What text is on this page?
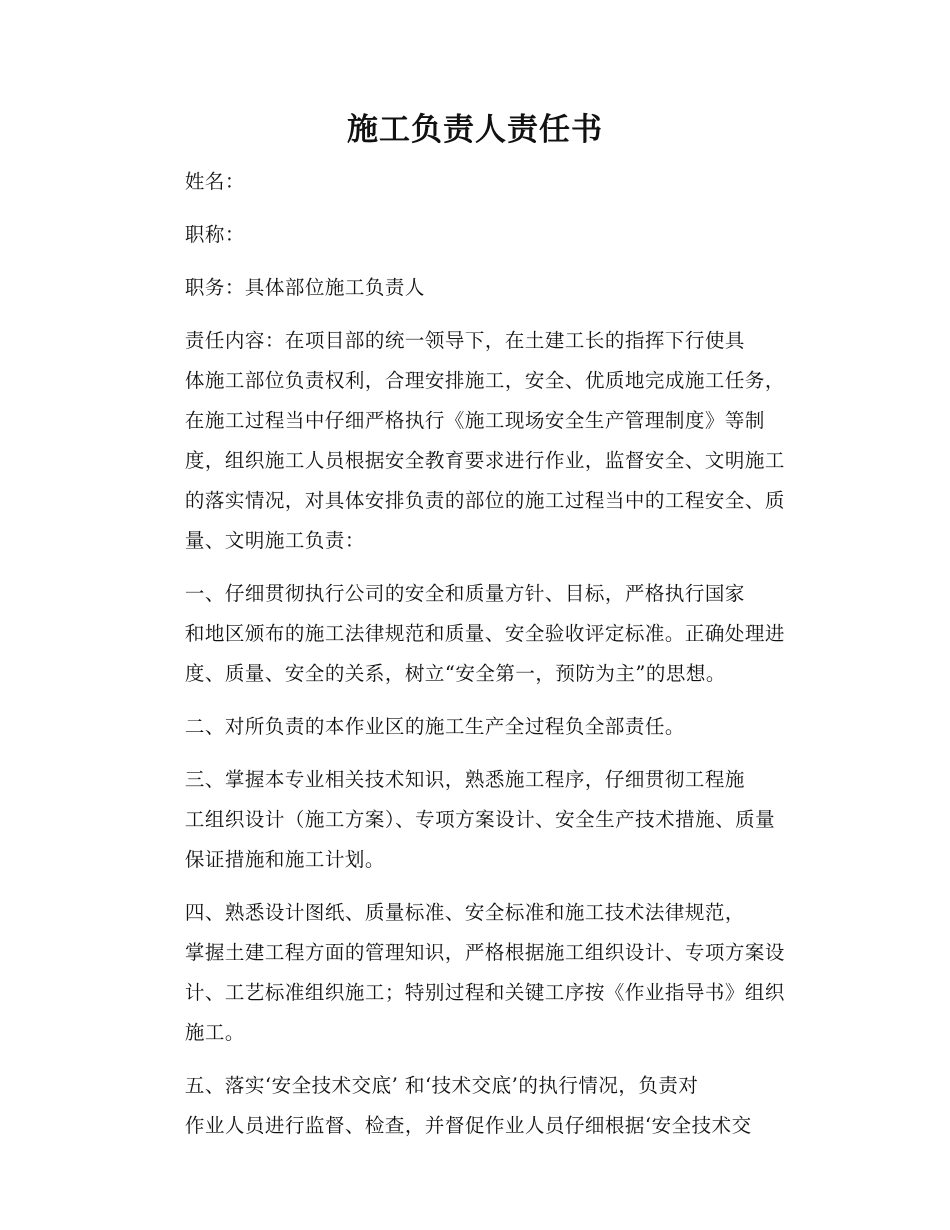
施工负责人责任书

姓名：

职称：

职务：具体部位施工负责人

责任内容：在项目部的统一领导下，在土建工长的指挥下行使具
体施工部位负责权利，合理安排施工，安全、优质地完成施工任务，
在施工过程当中仔细严格执行《施工现场安全生产管理制度》等制
度，组织施工人员根据安全教育要求进行作业，监督安全、文明施工
的落实情况，对具体安排负责的部位的施工过程当中的工程安全、质
量、文明施工负责：

一、仔细贯彻执行公司的安全和质量方针、目标，严格执行国家
和地区颁布的施工法律规范和质量、安全验收评定标准。正确处理进
度、质量、安全的关系，树立“安全第一，预防为主”的思想。

二、对所负责的本作业区的施工生产全过程负全部责任。

三、掌握本专业相关技术知识，熟悉施工程序，仔细贯彻工程施
工组织设计（施工方案）、专项方案设计、安全生产技术措施、质量
保证措施和施工计划。

四、熟悉设计图纸、质量标准、安全标准和施工技术法律规范，
掌握土建工程方面的管理知识，严格根据施工组织设计、专项方案设
计、工艺标准组织施工；特别过程和关键工序按《作业指导书》组织
施工。

五、落实‘安全技术交底’ 和‘技术交底’的执行情况，负责对
作业人员进行监督、检查，并督促作业人员仔细根据‘安全技术交
